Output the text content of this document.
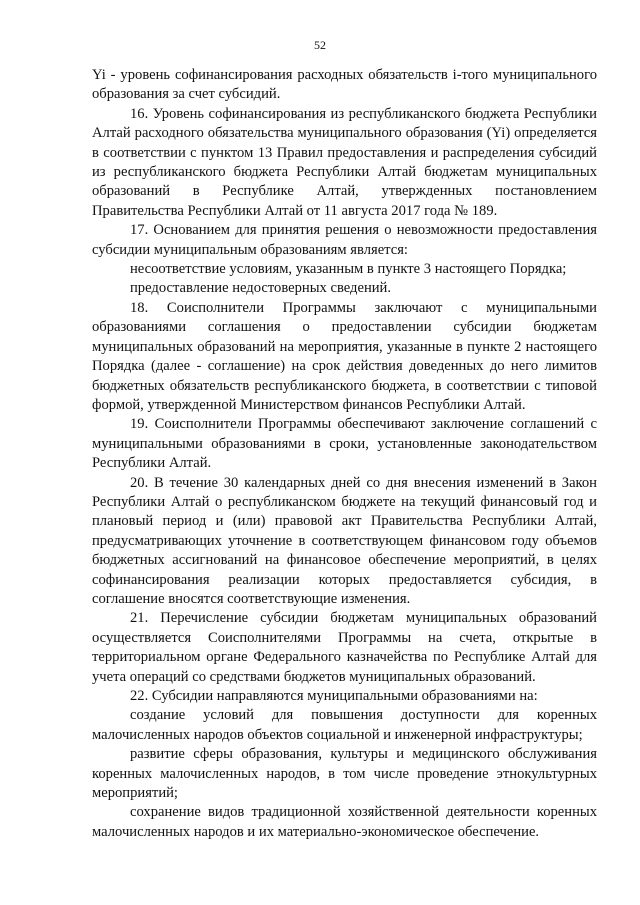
52

Yi - уровень софинансирования расходных обязательств i-того муниципального образования за счет субсидий.

16. Уровень софинансирования из республиканского бюджета Республики Алтай расходного обязательства муниципального образования (Yi) определяется в соответствии с пунктом 13 Правил предоставления и распределения субсидий из республиканского бюджета Республики Алтай бюджетам муниципальных образований в Республике Алтай, утвержденных постановлением Правительства Республики Алтай от 11 августа 2017 года № 189.

17. Основанием для принятия решения о невозможности предоставления субсидии муниципальным образованиям является:

несоответствие условиям, указанным в пункте 3 настоящего Порядка;

предоставление недостоверных сведений.

18. Соисполнители Программы заключают с муниципальными образованиями соглашения о предоставлении субсидии бюджетам муниципальных образований на мероприятия, указанные в пункте 2 настоящего Порядка (далее - соглашение) на срок действия доведенных до него лимитов бюджетных обязательств республиканского бюджета, в соответствии с типовой формой, утвержденной Министерством финансов Республики Алтай.

19. Соисполнители Программы обеспечивают заключение соглашений с муниципальными образованиями в сроки, установленные законодательством Республики Алтай.

20. В течение 30 календарных дней со дня внесения изменений в Закон Республики Алтай о республиканском бюджете на текущий финансовый год и плановый период и (или) правовой акт Правительства Республики Алтай, предусматривающих уточнение в соответствующем финансовом году объемов бюджетных ассигнований на финансовое обеспечение мероприятий, в целях софинансирования реализации которых предоставляется субсидия, в соглашение вносятся соответствующие изменения.

21. Перечисление субсидии бюджетам муниципальных образований осуществляется Соисполнителями Программы на счета, открытые в территориальном органе Федерального казначейства по Республике Алтай для учета операций со средствами бюджетов муниципальных образований.

22. Субсидии направляются муниципальными образованиями на:

создание условий для повышения доступности для коренных малочисленных народов объектов социальной и инженерной инфраструктуры;

развитие сферы образования, культуры и медицинского обслуживания коренных малочисленных народов, в том числе проведение этнокультурных мероприятий;

сохранение видов традиционной хозяйственной деятельности коренных малочисленных народов и их материально-экономическое обеспечение.
